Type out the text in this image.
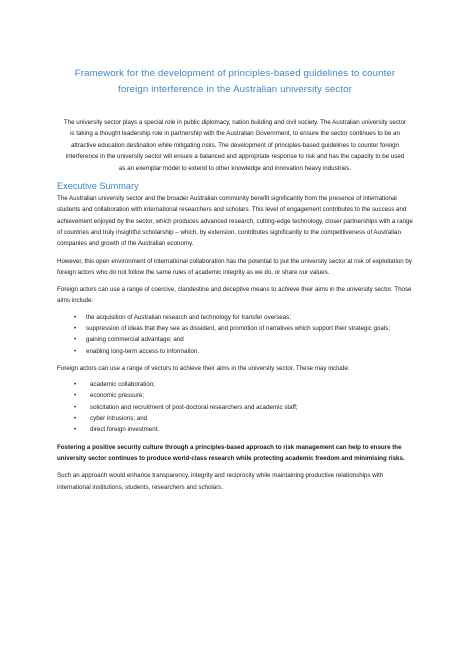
Framework for the development of principles-based guidelines to counter foreign interference in the Australian university sector

The university sector plays a special role in public diplomacy, nation building and civil society. The Australian university sector is taking a thought leadership role in partnership with the Australian Government, to ensure the sector continues to be an attractive education destination while mitigating risks. The development of principles-based guidelines to counter foreign interference in the university sector will ensure a balanced and appropriate response to risk and has the capacity to be used as an exemplar model to extend to other knowledge and innovation heavy industries.

Executive Summary

The Australian university sector and the broader Australian community benefit significantly from the presence of international students and collaboration with international researchers and scholars. This level of engagement contributes to the success and achievement enjoyed by the sector, which produces advanced research, cutting-edge technology, closer partnerships with a range of countries and truly insightful scholarship – which, by extension, contributes significantly to the competitiveness of Australian companies and growth of the Australian economy.

However, this open environment of international collaboration has the potential to put the university sector at risk of exploitation by foreign actors who do not follow the same rules of academic integrity as we do, or share our values.

Foreign actors can use a range of coercive, clandestine and deceptive means to achieve their aims in the university sector. Those aims include:

• the acquisition of Australian research and technology for transfer overseas;
• suppression of ideas that they see as dissident, and promotion of narratives which support their strategic goals;
• gaining commercial advantage; and
• enabling long-term access to information.

Foreign actors can use a range of vectors to achieve their aims in the university sector. These may include:

• academic collaboration;
• economic pressure;
• solicitation and recruitment of post-doctoral researchers and academic staff;
• cyber intrusions; and
• direct foreign investment.

Fostering a positive security culture through a principles-based approach to risk management can help to ensure the university sector continues to produce world-class research while protecting academic freedom and minimising risks.

Such an approach would enhance transparency, integrity and reciprocity while maintaining productive relationships with international institutions, students, researchers and scholars.
